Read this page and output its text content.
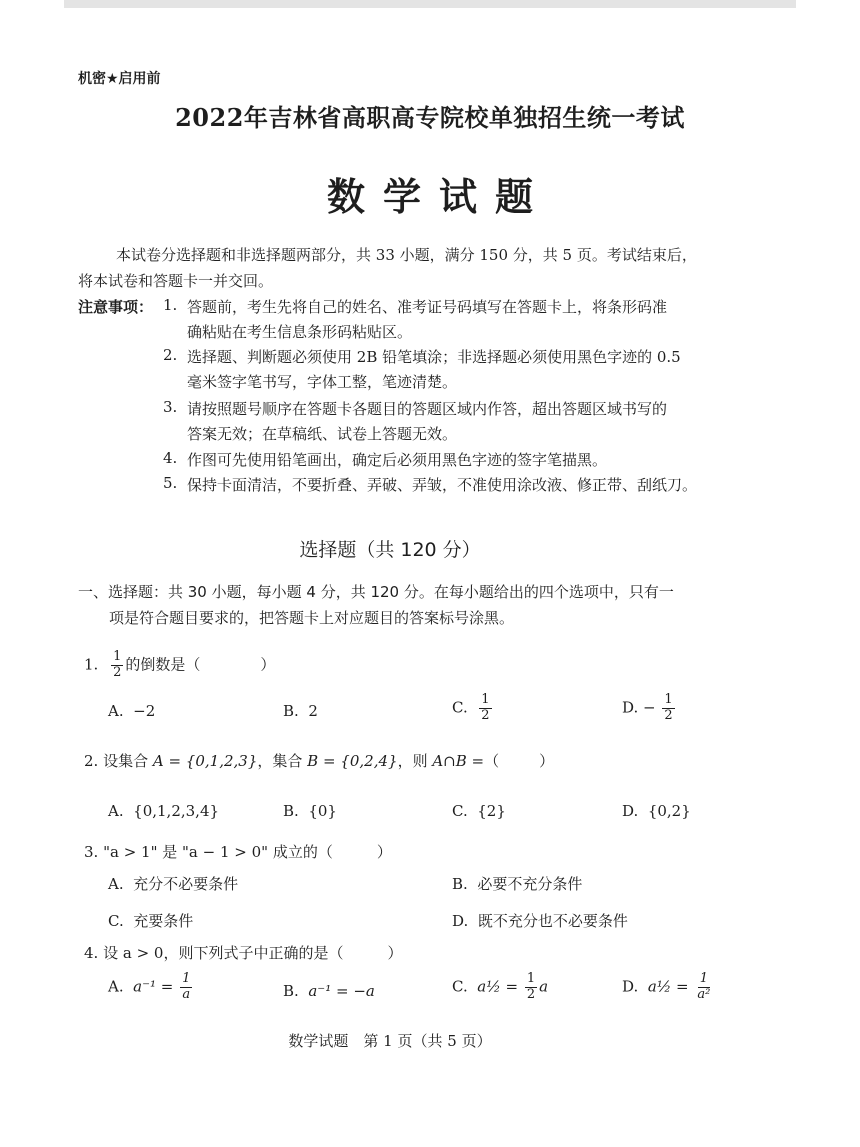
机密★启用前
2022年吉林省高职高专院校单独招生统一考试
数学试题
本试卷分选择题和非选择题两部分，共 33 小题，满分 150 分，共 5 页。考试结束后，
将本试卷和答题卡一并交回。
注意事项： 1. 答题前，考生先将自己的姓名、准考证号码填写在答题卡上，将条形码准
确粘贴在考生信息条形码粘贴区。
2. 选择题、判断题必须使用 2B 铅笔填涂；非选择题必须使用黑色字迹的 0.5
毫米签字笔书写，字体工整，笔迹清楚。
3. 请按照题号顺序在答题卡各题目的答题区域内作答，超出答题区域书写的
答案无效；在草稿纸、试卷上答题无效。
4. 作图可先使用铅笔画出，确定后必须用黑色字迹的签字笔描黑。
5. 保持卡面清洁，不要折叠、弄破、弄皱，不准使用涂改液、修正带、刮纸刀。
选择题（共 120 分）
一、选择题：共 30 小题，每小题 4 分，共 120 分。在每小题给出的四个选项中，只有一
项是符合题目要求的，把答题卡上对应题目的答案标号涂黑。
1. $\frac{1}{2}$ 的倒数是（	）
A. −2	B. 2	C. $\frac{1}{2}$	D. − $\frac{1}{2}$
2. 设集合 A = {0,1,2,3}，集合 B = {0,2,4}，则 A∩B =（	）
A. {0,1,2,3,4}	B. {0}	C. {2}	D. {0,2}
3. "a > 1" 是 "a − 1 > 0" 成立的（	）
A. 充分不必要条件	B. 必要不充分条件
C. 充要条件	D. 既不充分也不必要条件
4. 设 a > 0，则下列式子中正确的是（	）
A. $a^{-1} = \frac{1}{a}$	B. a⁻¹ = −a	C. a½ = $\frac{1}{2}$ a	D. a½ = $\frac{1}{\text{a²}}$
数学试题　第 1 页（共 5 页）
